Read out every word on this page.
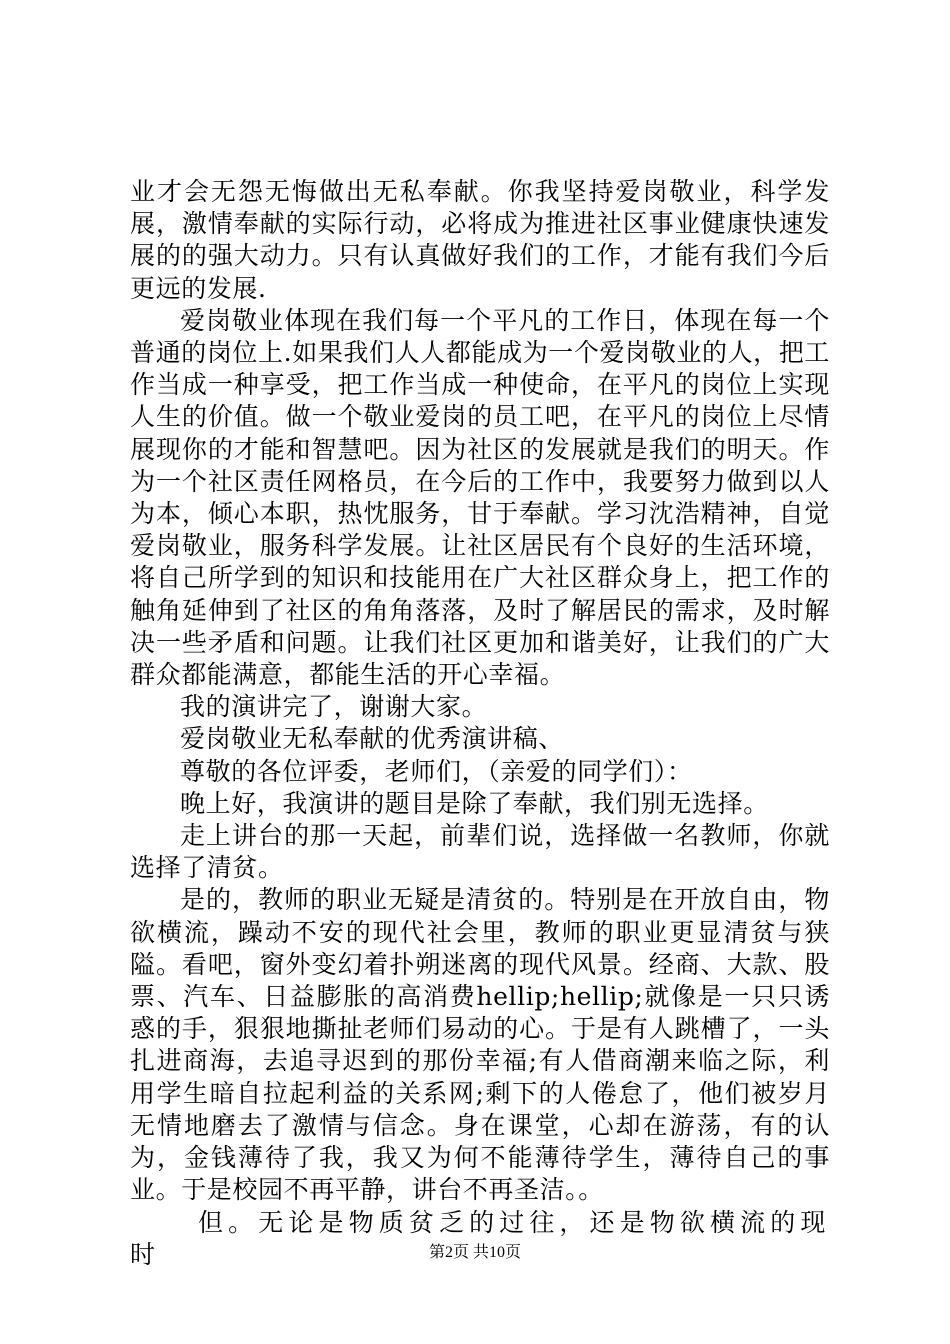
业才会无怨无悔做出无私奉献。你我坚持爱岗敬业，科学发展，激情奉献的实际行动，必将成为推进社区事业健康快速发展的的强大动力。只有认真做好我们的工作，才能有我们今后更远的发展.

爱岗敬业体现在我们每一个平凡的工作日，体现在每一个普通的岗位上.如果我们人人都能成为一个爱岗敬业的人，把工作当成一种享受，把工作当成一种使命，在平凡的岗位上实现人生的价值。做一个敬业爱岗的员工吧，在平凡的岗位上尽情展现你的才能和智慧吧。因为社区的发展就是我们的明天。作为一个社区责任网格员，在今后的工作中，我要努力做到以人为本，倾心本职，热忱服务，甘于奉献。学习沈浩精神，自觉爱岗敬业，服务科学发展。让社区居民有个良好的生活环境，将自己所学到的知识和技能用在广大社区群众身上，把工作的触角延伸到了社区的角角落落，及时了解居民的需求，及时解决一些矛盾和问题。让我们社区更加和谐美好，让我们的广大群众都能满意，都能生活的开心幸福。

我的演讲完了，谢谢大家。

爱岗敬业无私奉献的优秀演讲稿、

尊敬的各位评委，老师们，（亲爱的同学们）：

晚上好，我演讲的题目是除了奉献，我们别无选择。

走上讲台的那一天起，前辈们说，选择做一名教师，你就选择了清贫。

是的，教师的职业无疑是清贫的。特别是在开放自由，物欲横流，躁动不安的现代社会里，教师的职业更显清贫与狭隘。看吧，窗外变幻着扑朔迷离的现代风景。经商、大款、股票、汽车、日益膨胀的高消费hellip;hellip;就像是一只只诱惑的手，狠狠地撕扯老师们易动的心。于是有人跳槽了，一头扎进商海，去追寻迟到的那份幸福;有人借商潮来临之际，利用学生暗自拉起利益的关系网;剩下的人倦怠了，他们被岁月无情地磨去了激情与信念。身在课堂，心却在游荡，有的认为，金钱薄待了我，我又为何不能薄待学生，薄待自己的事业。于是校园不再平静，讲台不再圣洁。。

但。无论是物质贫乏的过往，还是物欲横流的现时	第2页 共10页
